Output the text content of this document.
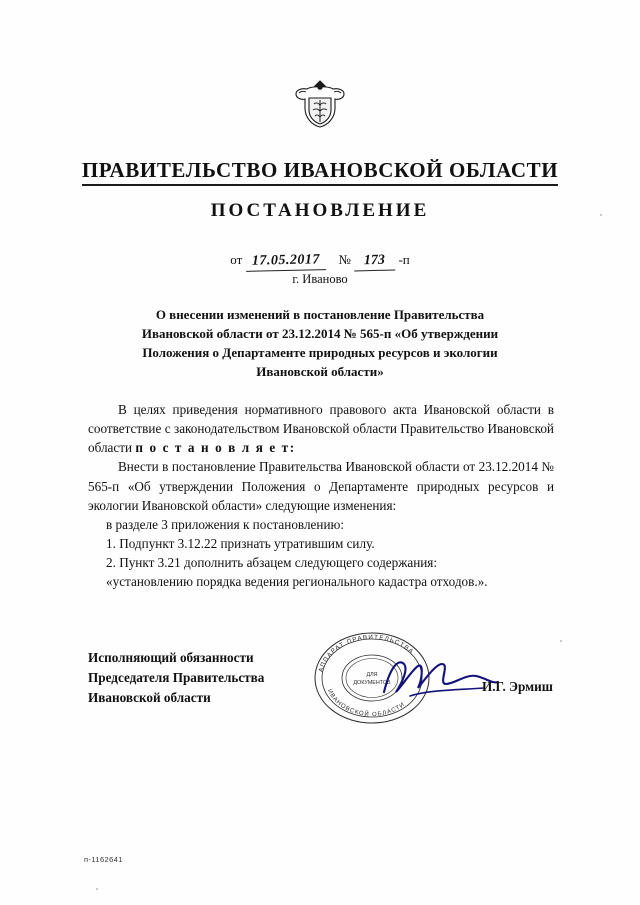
ПРАВИТЕЛЬСТВО ИВАНОВСКОЙ ОБЛАСТИ
ПОСТАНОВЛЕНИЕ
от 17.05.2017 № 173 -п
г. Иваново
О внесении изменений в постановление Правительства
Ивановской области от 23.12.2014 № 565-п «Об утверждении
Положения о Департаменте природных ресурсов и экологии
Ивановской области»

В целях приведения нормативного правового акта Ивановской области в соответствие с законодательством Ивановской области Правительство Ивановской области п о с т а н о в л я е т:

Внести в постановление Правительства Ивановской области от 23.12.2014 № 565-п «Об утверждении Положения о Департаменте природных ресурсов и экологии Ивановской области» следующие изменения:

в разделе 3 приложения к постановлению:

1. Подпункт 3.12.22 признать утратившим силу.

2. Пункт 3.21 дополнить абзацем следующего содержания:

«установлению порядка ведения регионального кадастра отходов.».

Исполняющий обязанности
Председателя Правительства
Ивановской области
АППАРАТ ПРАВИТЕЛЬСТВА
ИВАНОВСКОЙ ОБЛАСТИ
ДЛЯ
ДОКУМЕНТОВ	И.Г. Эрмиш
п-1162641
